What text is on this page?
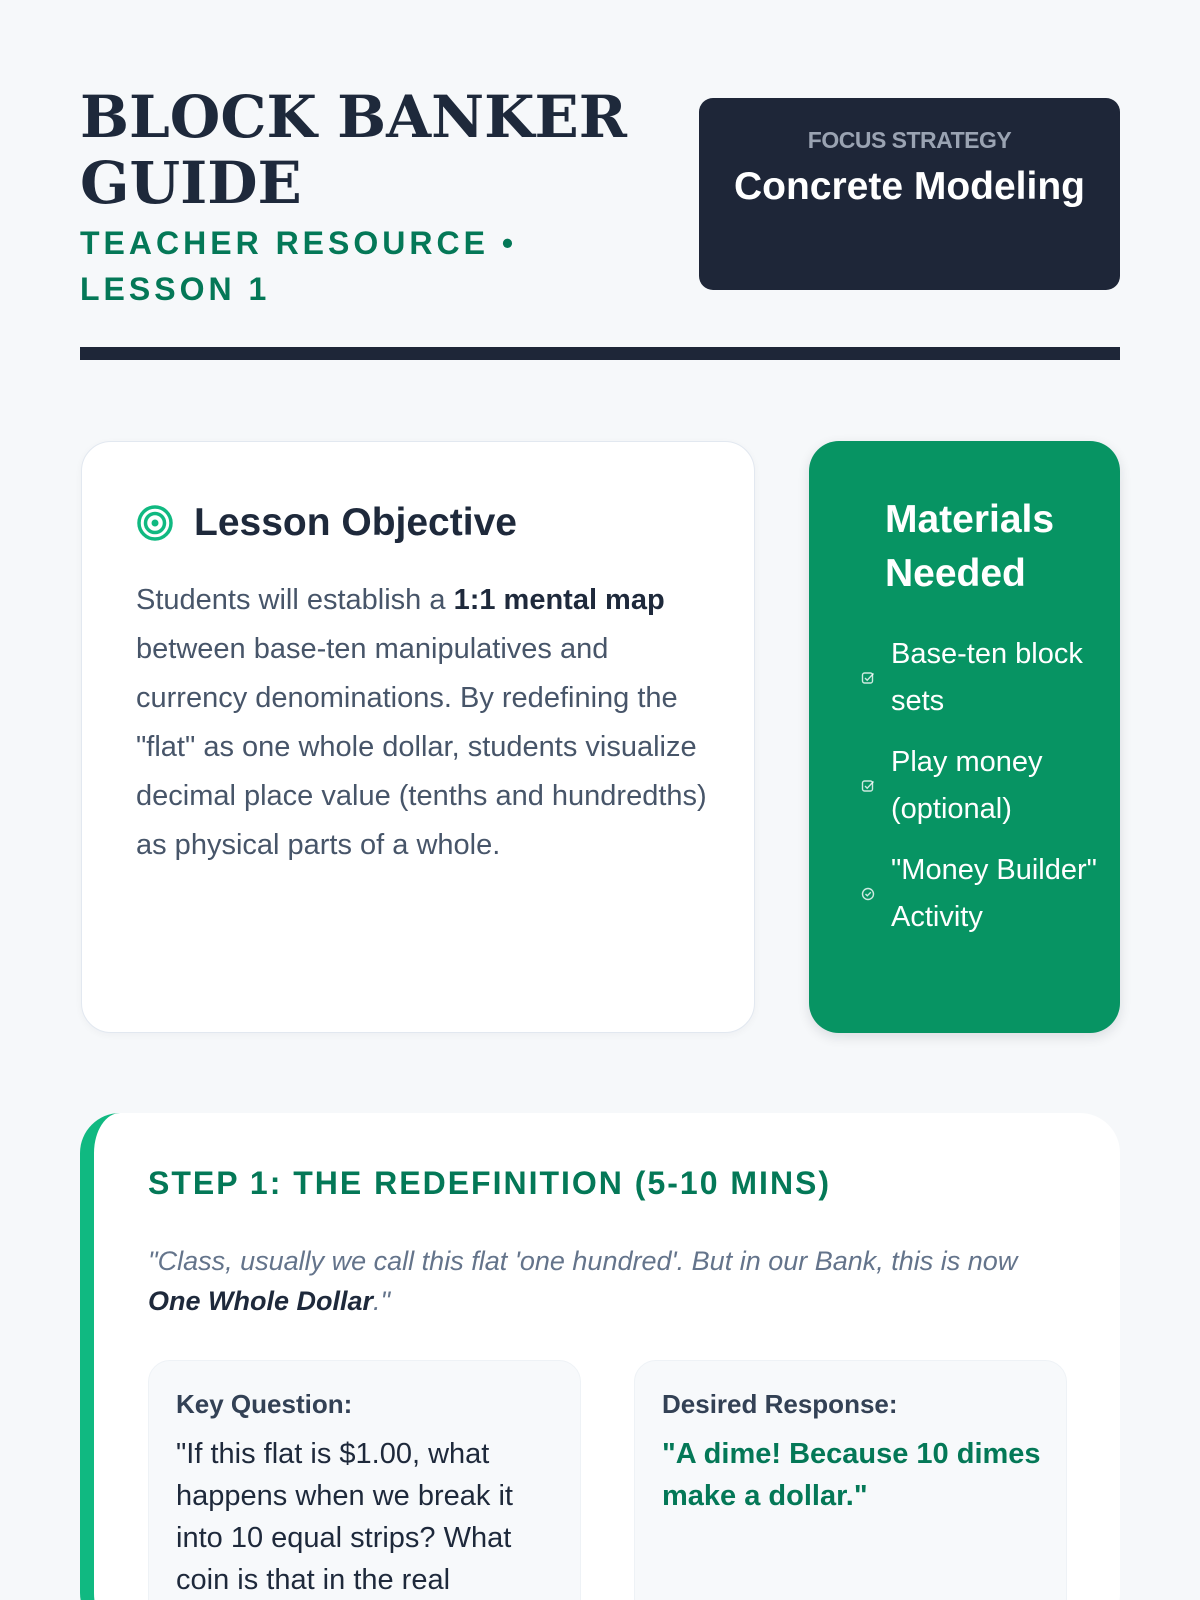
BLOCK BANKER GUIDE
TEACHER RESOURCE • LESSON 1
FOCUS STRATEGY
Concrete Modeling
Lesson Objective

Students will establish a 1:1 mental map between base-ten manipulatives and currency denominations. By redefining the "flat" as one whole dollar, students visualize decimal place value (tenths and hundredths) as physical parts of a whole.

Materials Needed
Base-ten block sets
Play money (optional)
"Money Builder" Activity
STEP 1: THE REDEFINITION (5-10 MINS)

"Class, usually we call this flat 'one hundred'. But in our Bank, this is now One Whole Dollar."

Key Question:
"If this flat is $1.00, what happens when we break it into 10 equal strips? What coin is that in the real
Desired Response:
"A dime! Because 10 dimes make a dollar."
